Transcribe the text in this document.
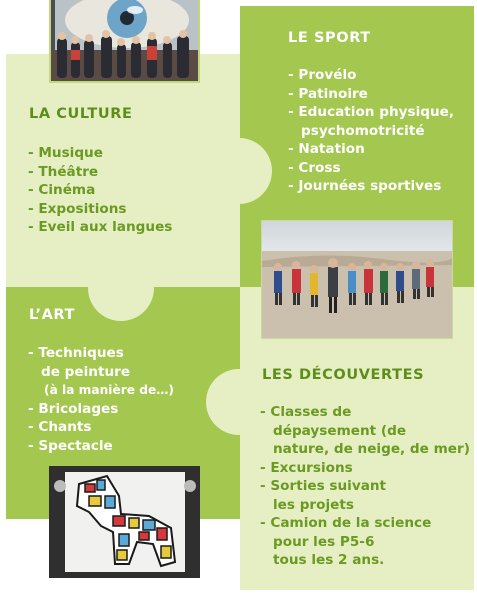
LA CULTURE
- Musique
- Théâtre
- Cinéma
- Expositions
- Eveil aux langues
LE SPORT
- Provélo
- Patinoire
- Education physique,
psychomotricité
- Natation
- Cross
- Journées sportives
L’ART
- Techniques
de peinture
(à la manière de…)
- Bricolages
- Chants
- Spectacle
LES DÉCOUVERTES
- Classes de
dépaysement (de
nature, de neige, de mer)
- Excursions
- Sorties suivant
les projets
- Camion de la science
pour les P5-6
tous les 2 ans.
